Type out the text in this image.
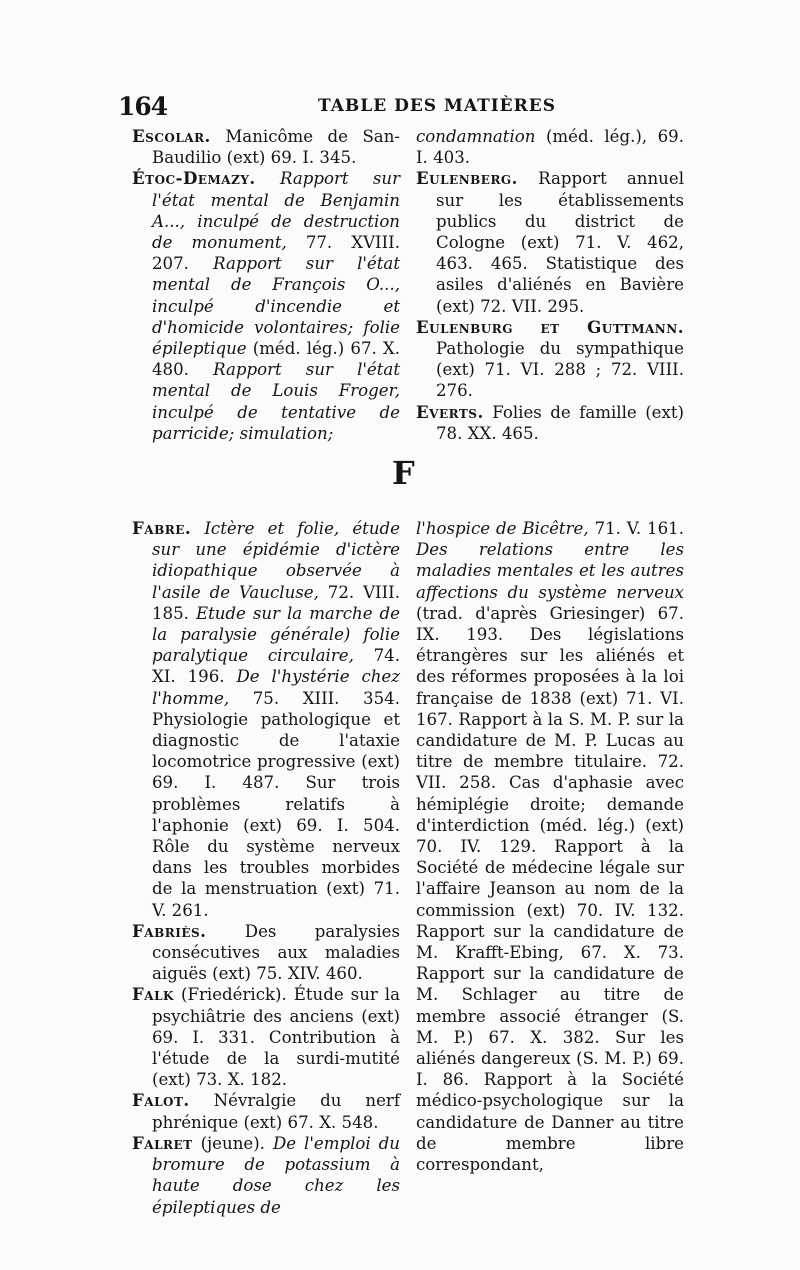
164	TABLE DES MATIÈRES

Escolar. Manicôme de San-Baudilio (ext) 69. I. 345.

Étoc-Demazy. Rapport sur l'état mental de Benjamin A..., inculpé de destruction de monument, 77. XVIII. 207. Rapport sur l'état mental de François O..., inculpé d'incendie et d'homicide volontaires; folie épileptique (méd. lég.) 67. X. 480. Rapport sur l'état mental de Louis Froger, inculpé de tentative de parricide; simulation;

condamnation (méd. lég.), 69. I. 403.

Eulenberg. Rapport annuel sur les établissements publics du district de Cologne (ext) 71. V. 462, 463. 465. Statistique des asiles d'aliénés en Bavière (ext) 72. VII. 295.

Eulenburg et Guttmann. Pathologie du sympathique (ext) 71. VI. 288 ; 72. VIII. 276.

Everts. Folies de famille (ext) 78. XX. 465.

F

Fabre. Ictère et folie, étude sur une épidémie d'ictère idiopathique observée à l'asile de Vaucluse, 72. VIII. 185. Etude sur la marche de la paralysie générale) folie paralytique circulaire, 74. XI. 196. De l'hystérie chez l'homme, 75. XIII. 354. Physiologie pathologique et diagnostic de l'ataxie locomotrice progressive (ext) 69. I. 487. Sur trois problèmes relatifs à l'aphonie (ext) 69. I. 504. Rôle du système nerveux dans les troubles morbides de la menstruation (ext) 71. V. 261.

Fabriès. Des paralysies consécutives aux maladies aiguës (ext) 75. XIV. 460.

Falk (Friedérick). Étude sur la psychiâtrie des anciens (ext) 69. I. 331. Contribution à l'étude de la surdi-mutité (ext) 73. X. 182.

Falot. Névralgie du nerf phrénique (ext) 67. X. 548.

Falret (jeune). De l'emploi du bromure de potassium à haute dose chez les épileptiques de

l'hospice de Bicêtre, 71. V. 161. Des relations entre les maladies mentales et les autres affections du système nerveux (trad. d'après Griesinger) 67. IX. 193. Des législations étrangères sur les aliénés et des réformes proposées à la loi française de 1838 (ext) 71. VI. 167. Rapport à la S. M. P. sur la candidature de M. P. Lucas au titre de membre titulaire. 72. VII. 258. Cas d'aphasie avec hémiplégie droite; demande d'interdiction (méd. lég.) (ext) 70. IV. 129. Rapport à la Société de médecine légale sur l'affaire Jeanson au nom de la commission (ext) 70. IV. 132. Rapport sur la candidature de M. Krafft-Ebing, 67. X. 73. Rapport sur la candidature de M. Schlager au titre de membre associé étranger (S. M. P.) 67. X. 382. Sur les aliénés dangereux (S. M. P.) 69. I. 86. Rapport à la Société médico-psychologique sur la candidature de Danner au titre de membre libre correspondant,
